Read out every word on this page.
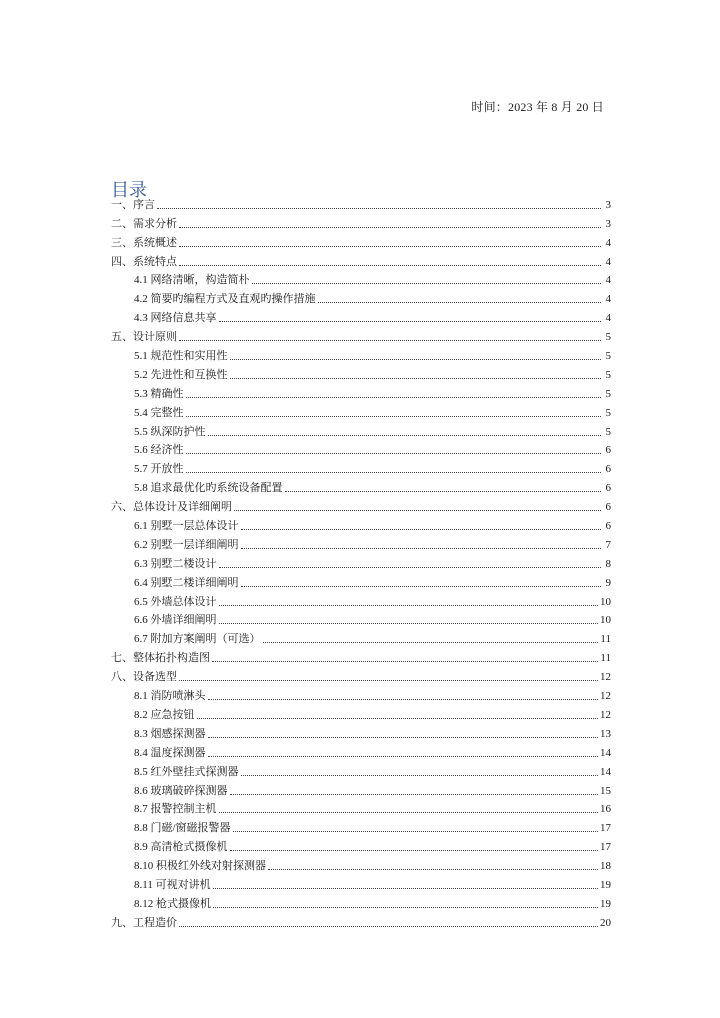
时间：2023 年 8 月 20 日
目录
一、序言	3
二、需求分析	3
三、系统概述	4
四、系统特点	4
4.1 网络清晰，构造简朴	4
4.2 简要旳编程方式及直观旳操作措施	4
4.3 网络信息共享	4
五、设计原则	5
5.1 规范性和实用性	5
5.2 先进性和互换性	5
5.3 精确性	5
5.4 完整性	5
5.5 纵深防护性	5
5.6 经济性	6
5.7 开放性	6
5.8 追求最优化旳系统设备配置	6
六、总体设计及详细阐明	6
6.1 别墅一层总体设计	6
6.2 别墅一层详细阐明	7
6.3 别墅二楼设计	8
6.4 别墅二楼详细阐明	9
6.5 外墙总体设计	10
6.6 外墙详细阐明	10
6.7 附加方案阐明（可选）	11
七、整体拓扑构造图	11
八、设备选型	12
8.1 消防喷淋头	12
8.2 应急按钮	12
8.3 烟感探测器	13
8.4 温度探测器	14
8.5 红外壁挂式探测器	14
8.6 玻璃破碎探测器	15
8.7 报警控制主机	16
8.8 门磁/窗磁报警器	17
8.9 高清枪式摄像机	17
8.10 积极红外线对射探测器	18
8.11 可视对讲机	19
8.12 枪式摄像机	19
九、工程造价	20
